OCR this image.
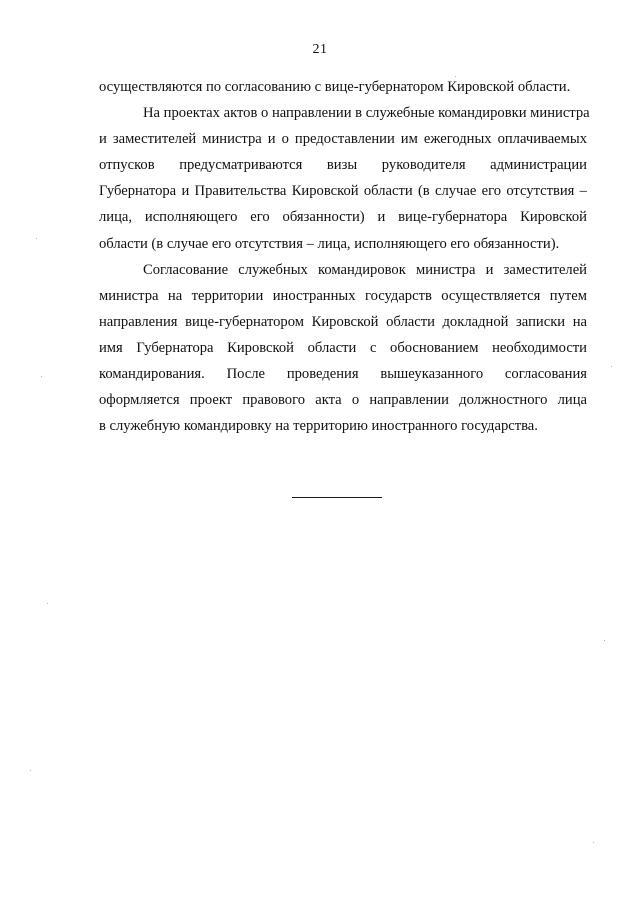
21
осуществляются по согласованию с вице-губернатором Кировской области.
На проектах актов о направлении в служебные командировки министра
и заместителей министра и о предоставлении им ежегодных оплачиваемых
отпусков предусматриваются визы руководителя администрации
Губернатора и Правительства Кировской области (в случае его отсутствия –
лица, исполняющего его обязанности) и вице-губернатора Кировской
области (в случае его отсутствия – лица, исполняющего его обязанности).
Согласование служебных командировок министра и заместителей
министра на территории иностранных государств осуществляется путем
направления вице-губернатором Кировской области докладной записки на
имя Губернатора Кировской области с обоснованием необходимости
командирования. После проведения вышеуказанного согласования
оформляется проект правового акта о направлении должностного лица
в служебную командировку на территорию иностранного государства.
